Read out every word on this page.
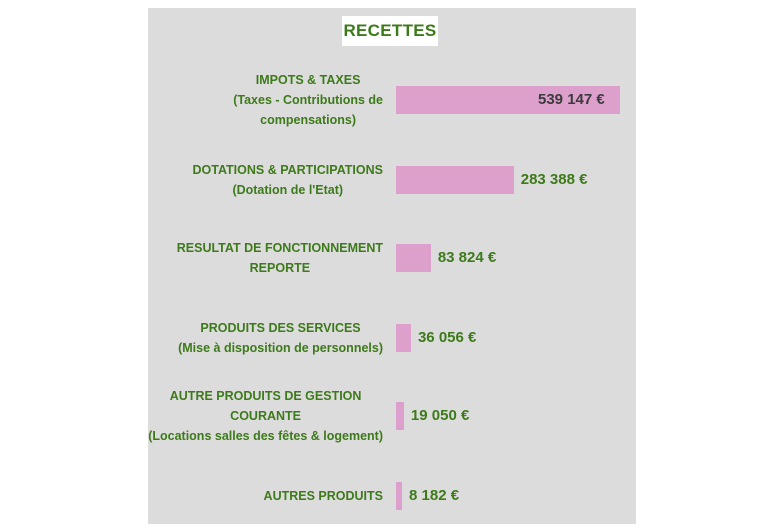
RECETTES
IMPOTS & TAXES
(Taxes - Contributions de
compensations)
539 147 €
DOTATIONS & PARTICIPATIONS
(Dotation de l'Etat)
283 388 €
RESULTAT DE FONCTIONNEMENT
REPORTE
83 824 €
PRODUITS DES SERVICES
(Mise à disposition de personnels)
36 056 €
AUTRE PRODUITS DE GESTION
COURANTE
(Locations salles des fêtes & logement)
19 050 €
AUTRES PRODUITS 8 182 €
